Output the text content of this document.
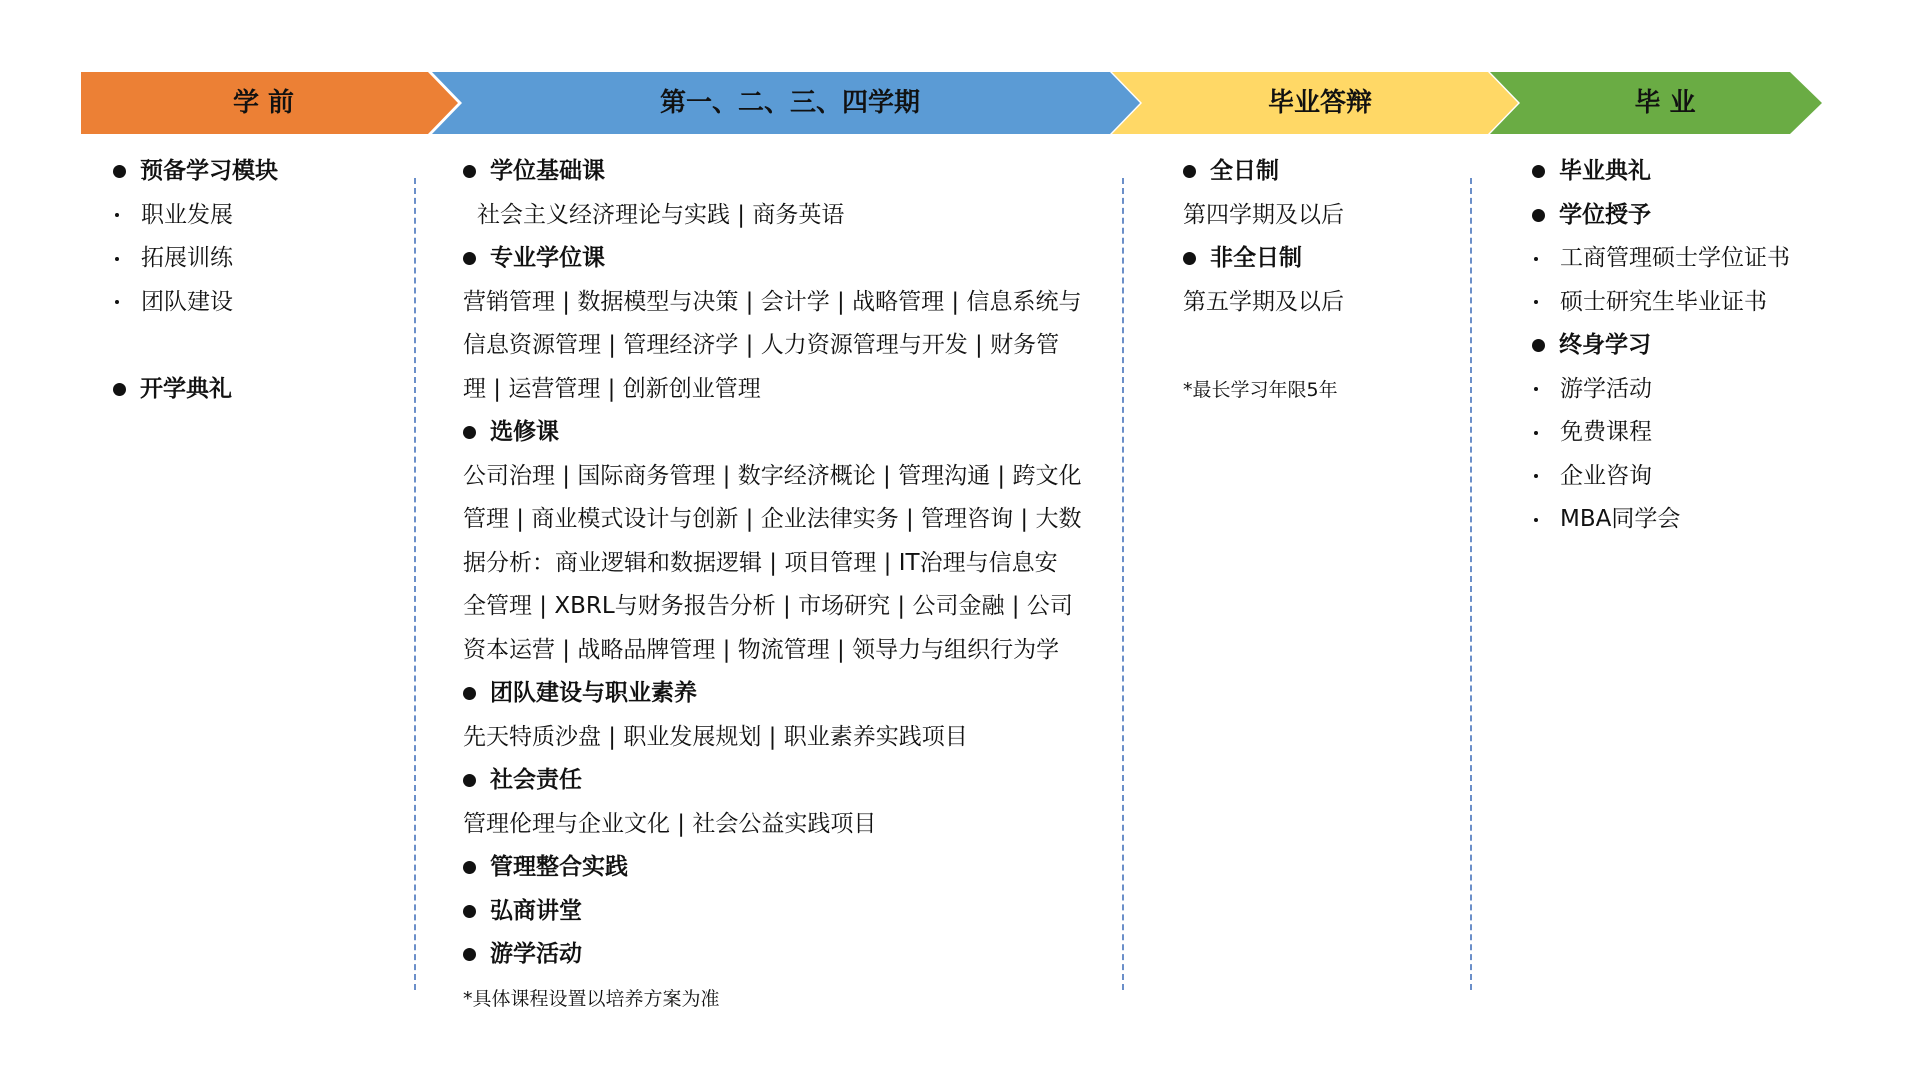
学 前	第一、二、三、四学期	毕业答辩	毕 业
预备学习模块
职业发展
拓展训练
团队建设
开学典礼
学位基础课
社会主义经济理论与实践 | 商务英语
专业学位课
营销管理 | 数据模型与决策 | 会计学 | 战略管理 | 信息系统与
信息资源管理 | 管理经济学 | 人力资源管理与开发 | 财务管
理 | 运营管理 | 创新创业管理
选修课
公司治理 | 国际商务管理 | 数字经济概论 | 管理沟通 | 跨文化
管理 | 商业模式设计与创新 | 企业法律实务 | 管理咨询 | 大数
据分析：商业逻辑和数据逻辑 | 项目管理 | IT治理与信息安
全管理 | XBRL与财务报告分析 | 市场研究 | 公司金融 | 公司
资本运营 | 战略品牌管理 | 物流管理 | 领导力与组织行为学
团队建设与职业素养
先天特质沙盘 | 职业发展规划 | 职业素养实践项目
社会责任
管理伦理与企业文化 | 社会公益实践项目
管理整合实践
弘商讲堂
游学活动
*具体课程设置以培养方案为准
全日制
第四学期及以后
非全日制
第五学期及以后
*最长学习年限5年
毕业典礼
学位授予
工商管理硕士学位证书
硕士研究生毕业证书
终身学习
游学活动
免费课程
企业咨询
MBA同学会
